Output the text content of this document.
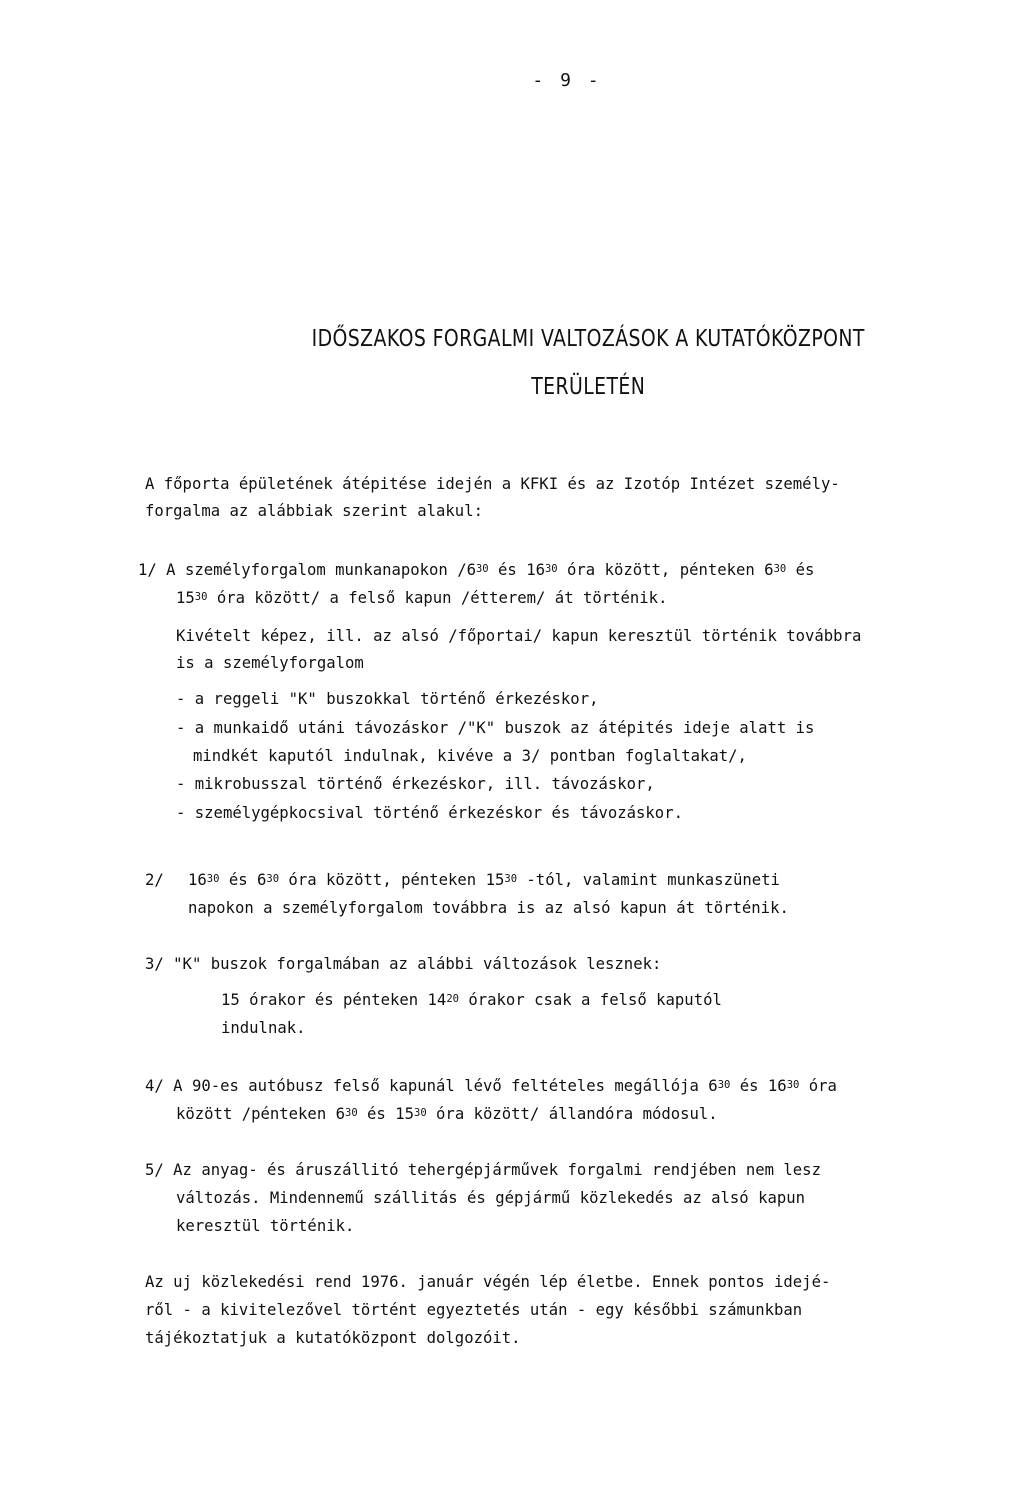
- 9 -
IDŐSZAKOS FORGALMI VALTOZÁSOK A KUTATÓKÖZPONT
TERÜLETÉN
A főporta épületének átépitése idején a KFKI és az Izotóp Intézet személy-
forgalma az alábbiak szerint alakul:
1/ A személyforgalom munkanapokon $/6^{30}$ és $16^{30}$ óra között, pénteken $6^{30}$ és
$15^{30}$ óra között/ a felső kapun /étterem/ át történik.
Kivételt képez, ill. az alsó /főportai/ kapun keresztül történik továbbra
is a személyforgalom
- a reggeli "K" buszokkal történő érkezéskor,
- a munkaidő utáni távozáskor /"K" buszok az átépités ideje alatt is
mindkét kaputól indulnak, kivéve a 3/ pontban foglaltakat/,
- mikrobusszal történő érkezéskor, ill. távozáskor,
- személygépkocsival történő érkezéskor és távozáskor.
2/ $16^{30}$ és $6^{30}$ óra között, pénteken $15^{30}$ -tól, valamint munkaszüneti
napokon a személyforgalom továbbra is az alsó kapun át történik.
3/ "K" buszok forgalmában az alábbi változások lesznek:
15 órakor és pénteken $14^{20}$ órakor csak a felső kaputól
indulnak.
4/ A 90-es autóbusz felső kapunál lévő feltételes megállója $6^{30}$ és $16^{30}$ óra
között /pénteken $6^{30}$ és $15^{30}$ óra között/ állandóra módosul.
5/ Az anyag- és áruszállitó tehergépjárművek forgalmi rendjében nem lesz
változás. Mindennemű szállitás és gépjármű közlekedés az alsó kapun
keresztül történik.
Az uj közlekedési rend 1976. január végén lép életbe. Ennek pontos idejé-
ről - a kivitelezővel történt egyeztetés után - egy későbbi számunkban
tájékoztatjuk a kutatóközpont dolgozóit.
